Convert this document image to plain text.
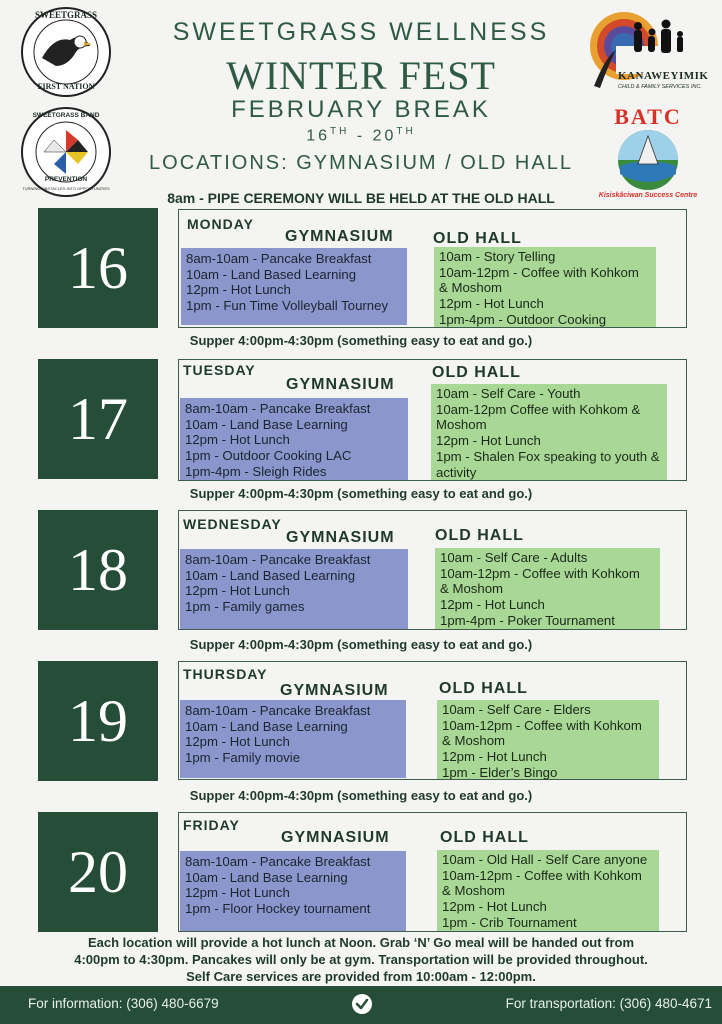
SWEETGRASS
FIRST NATION
SWEETGRASS BAND
PREVENTION
TURNING OBSTACLES INTO OPPORTUNITIES
KANAWEYIMIK
CHILD & FAMILY SERVICES INC.
BATC
Kisiskâciwan Success Centre
SWEETGRASS WELLNESS
WINTER FEST
FEBRUARY BREAK
16TH - 20TH
LOCATIONS: GYMNASIUM / OLD HALL
8am - PIPE CEREMONY WILL BE HELD AT THE OLD HALL
16
MONDAY
GYMNASIUM OLD HALL
8am-10am - Pancake Breakfast
10am - Land Based Learning
12pm - Hot Lunch
1pm - Fun Time Volleyball Tourney
10am - Story Telling
10am-12pm - Coffee with Kohkom
& Moshom
12pm - Hot Lunch
1pm-4pm - Outdoor Cooking
Supper 4:00pm-4:30pm (something easy to eat and go.)
17
TUESDAY
GYMNASIUM
OLD HALL
8am-10am - Pancake Breakfast
10am - Land Base Learning
12pm - Hot Lunch
1pm - Outdoor Cooking LAC
1pm-4pm - Sleigh Rides
10am - Self Care - Youth
10am-12pm Coffee with Kohkom &
Moshom
12pm - Hot Lunch
1pm - Shalen Fox speaking to youth &
activity
Supper 4:00pm-4:30pm (something easy to eat and go.)
18
WEDNESDAY
GYMNASIUM	OLD HALL
8am-10am - Pancake Breakfast
10am - Land Based Learning
12pm - Hot Lunch
1pm - Family games
10am - Self Care - Adults
10am-12pm - Coffee with Kohkom
& Moshom
12pm - Hot Lunch
1pm-4pm - Poker Tournament
Supper 4:00pm-4:30pm (something easy to eat and go.)
19
THURSDAY
GYMNASIUM	OLD HALL
8am-10am - Pancake Breakfast
10am - Land Base Learning
12pm - Hot Lunch
1pm - Family movie
10am - Self Care - Elders
10am-12pm - Coffee with Kohkom
& Moshom
12pm - Hot Lunch
1pm - Elder’s Bingo
Supper 4:00pm-4:30pm (something easy to eat and go.)
20
FRIDAY
GYMNASIUM	OLD HALL
8am-10am - Pancake Breakfast
10am - Land Base Learning
12pm - Hot Lunch
1pm - Floor Hockey tournament
10am - Old Hall - Self Care anyone
10am-12pm - Coffee with Kohkom
& Moshom
12pm - Hot Lunch
1pm - Crib Tournament
Each location will provide a hot lunch at Noon. Grab ‘N’ Go meal will be handed out from
4:00pm to 4:30pm. Pancakes will only be at gym. Transportation will be provided throughout.
Self Care services are provided from 10:00am - 12:00pm.
For information: (306) 480-6679	For transportation: (306) 480-4671
